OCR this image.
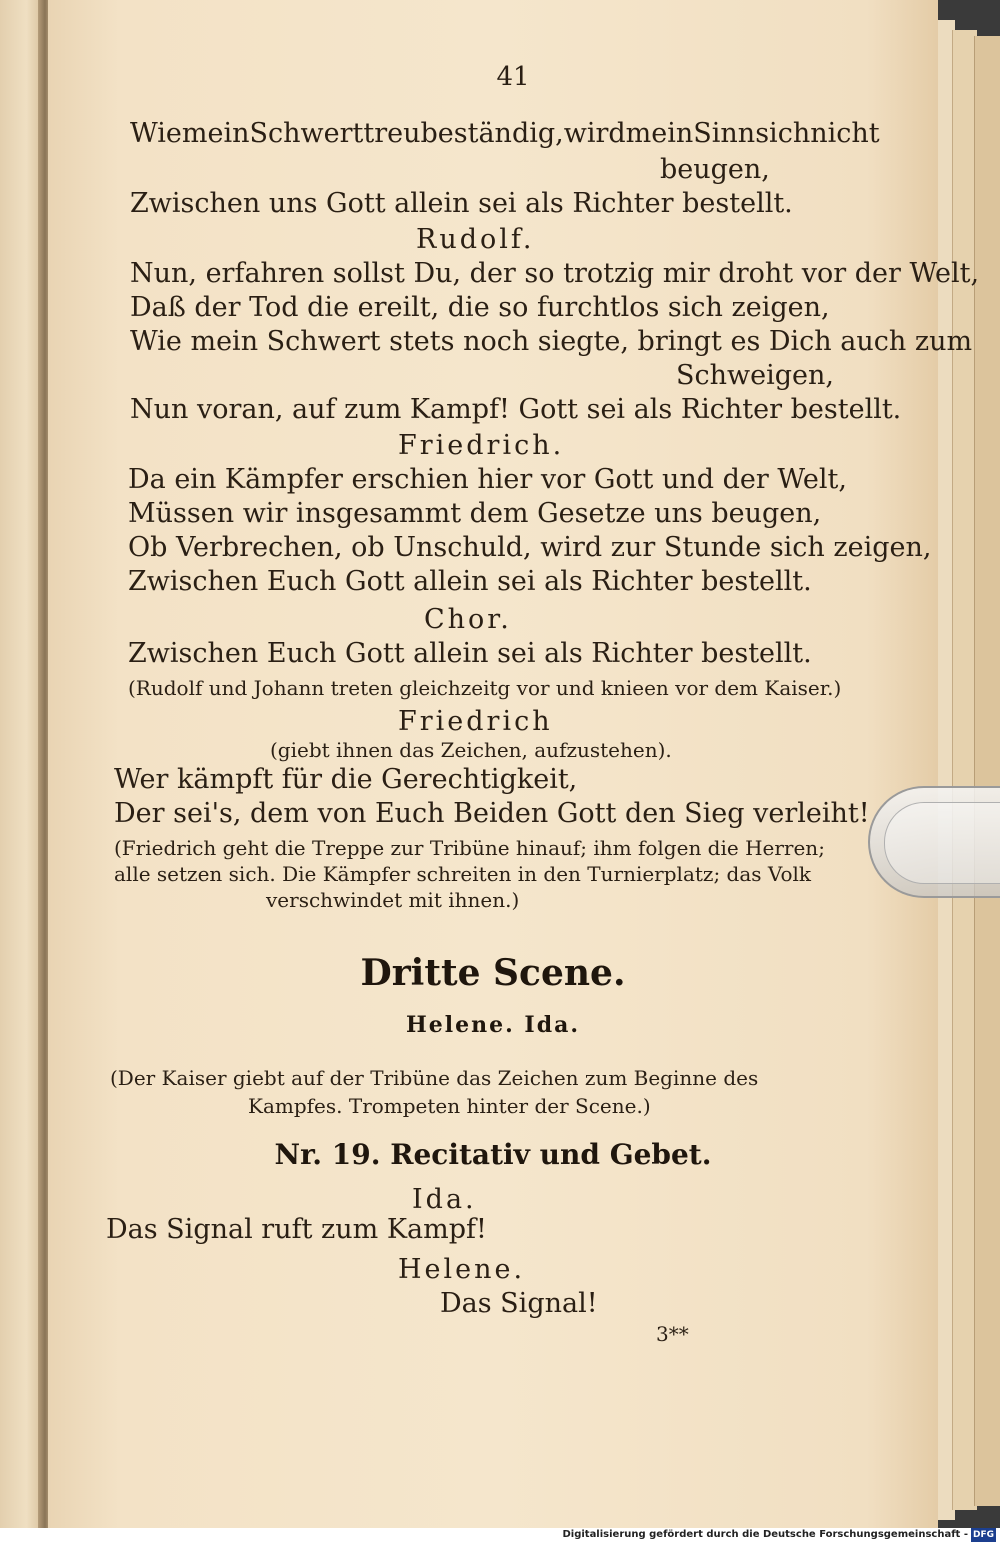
41
Wie mein Schwert treu beständig, wird mein Sinn sich nicht
beugen,
Zwischen uns Gott allein sei als Richter bestellt.
Rudolf.
Nun, erfahren sollst Du, der so trotzig mir droht vor der Welt,
Daß der Tod die ereilt, die so furchtlos sich zeigen,
Wie mein Schwert stets noch siegte, bringt es Dich auch zum
Schweigen,
Nun voran, auf zum Kampf! Gott sei als Richter bestellt.
Friedrich.
Da ein Kämpfer erschien hier vor Gott und der Welt,
Müssen wir insgesammt dem Gesetze uns beugen,
Ob Verbrechen, ob Unschuld, wird zur Stunde sich zeigen,
Zwischen Euch Gott allein sei als Richter bestellt.
Chor.
Zwischen Euch Gott allein sei als Richter bestellt.
(Rudolf und Johann treten gleichzeitg vor und knieen vor dem Kaiser.)
Friedrich
(giebt ihnen das Zeichen, aufzustehen).
Wer kämpft für die Gerechtigkeit,
Der sei's, dem von Euch Beiden Gott den Sieg verleiht!
(Friedrich geht die Treppe zur Tribüne hinauf; ihm folgen die Herren;
alle setzen sich. Die Kämpfer schreiten in den Turnierplatz; das Volk
verschwindet mit ihnen.)
Dritte Scene.
Helene. Ida.
(Der Kaiser giebt auf der Tribüne das Zeichen zum Beginne des
Kampfes. Trompeten hinter der Scene.)
Nr. 19. Recitativ und Gebet.
Ida.
Das Signal ruft zum Kampf!
Helene.
Das Signal!
3**
Digitalisierung gefördert durch die Deutsche Forschungsgemeinschaft - DFG
